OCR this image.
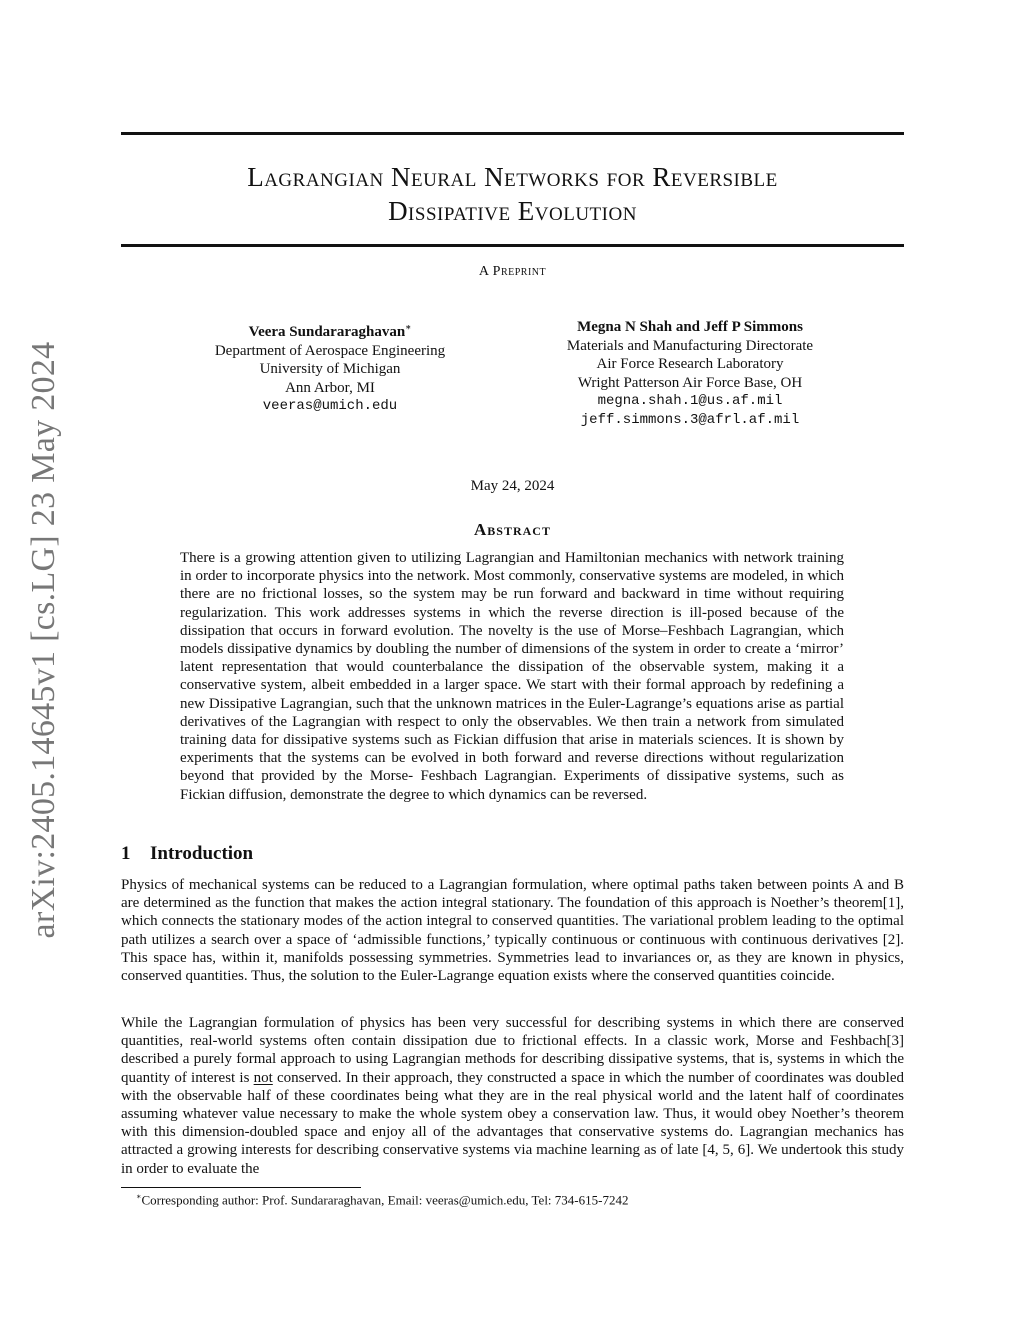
arXiv:2405.14645v1 [cs.LG] 23 May 2024
Lagrangian Neural Networks for Reversible
Dissipative Evolution
A Preprint
Veera Sundararaghavan∗
Department of Aerospace Engineering
University of Michigan
Ann Arbor, MI
veeras@umich.edu
Megna N Shah and Jeff P Simmons
Materials and Manufacturing Directorate
Air Force Research Laboratory
Wright Patterson Air Force Base, OH
megna.shah.1@us.af.mil
jeff.simmons.3@afrl.af.mil
May 24, 2024
Abstract
There is a growing attention given to utilizing Lagrangian and Hamiltonian mechanics with network training in order to incorporate physics into the network. Most commonly, conservative systems are modeled, in which there are no frictional losses, so the system may be run forward and backward in time without requiring regularization. This work addresses systems in which the reverse direction is ill-posed because of the dissipation that occurs in forward evolution. The novelty is the use of Morse–Feshbach Lagrangian, which models dissipative dynamics by doubling the number of dimensions of the system in order to create a ‘mirror’ latent representation that would counterbalance the dissipation of the observable system, making it a conservative system, albeit embedded in a larger space. We start with their formal approach by redefining a new Dissipative Lagrangian, such that the unknown matrices in the Euler-Lagrange’s equations arise as partial derivatives of the Lagrangian with respect to only the observables. We then train a network from simulated training data for dissipative systems such as Fickian diffusion that arise in materials sciences. It is shown by experiments that the systems can be evolved in both forward and reverse directions without regularization beyond that provided by the Morse- Feshbach Lagrangian. Experiments of dissipative systems, such as Fickian diffusion, demonstrate the degree to which dynamics can be reversed.
1 Introduction
Physics of mechanical systems can be reduced to a Lagrangian formulation, where optimal paths taken between points A and B are determined as the function that makes the action integral stationary. The foundation of this approach is Noether’s theorem[1], which connects the stationary modes of the action integral to conserved quantities. The variational problem leading to the optimal path utilizes a search over a space of ‘admissible functions,’ typically continuous or continuous with continuous derivatives [2]. This space has, within it, manifolds possessing symmetries. Symmetries lead to invariances or, as they are known in physics, conserved quantities. Thus, the solution to the Euler-Lagrange equation exists where the conserved quantities coincide.
While the Lagrangian formulation of physics has been very successful for describing systems in which there are conserved quantities, real-world systems often contain dissipation due to frictional effects. In a classic work, Morse and Feshbach[3] described a purely formal approach to using Lagrangian methods for describing dissipative systems, that is, systems in which the quantity of interest is not conserved. In their approach, they constructed a space in which the number of coordinates was doubled with the observable half of these coordinates being what they are in the real physical world and the latent half of coordinates assuming whatever value necessary to make the whole system obey a conservation law. Thus, it would obey Noether’s theorem with this dimension-doubled space and enjoy all of the advantages that conservative systems do. Lagrangian mechanics has attracted a growing interests for describing conservative systems via machine learning as of late [4, 5, 6]. We undertook this study in order to evaluate the
∗Corresponding author: Prof. Sundararaghavan, Email: veeras@umich.edu, Tel: 734-615-7242
